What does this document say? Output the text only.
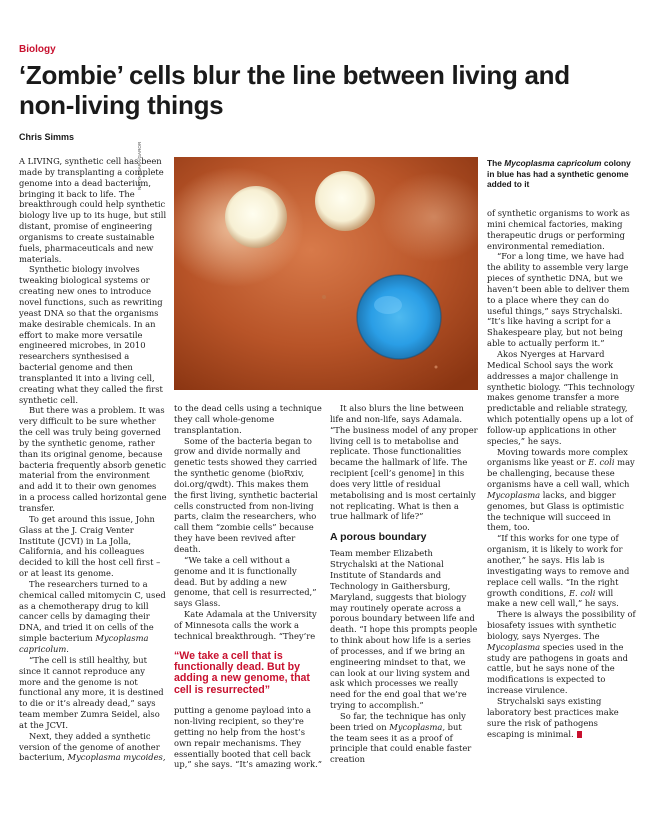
Biology
‘Zombie’ cells blur the line between living and non-living things
Chris Simms
NATYASSARA/GAROR	The Mycoplasma capricolum colony in blue has had a synthetic genome added to it

A LIVING, synthetic cell has been made by transplanting a complete genome into a dead bacterium, bringing it back to life. The breakthrough could help synthetic biology live up to its huge, but still distant, promise of engineering organisms to create sustainable fuels, pharmaceuticals and new materials.

Synthetic biology involves tweaking biological systems or creating new ones to introduce novel functions, such as rewriting yeast DNA so that the organisms make desirable chemicals. In an effort to make more versatile engineered microbes, in 2010 researchers synthesised a bacterial genome and then transplanted it into a living cell, creating what they called the first synthetic cell.

But there was a problem. It was very difficult to be sure whether the cell was truly being governed by the synthetic genome, rather than its original genome, because bacteria frequently absorb genetic material from the environment and add it to their own genomes in a process called horizontal gene transfer.

To get around this issue, John Glass at the J. Craig Venter Institute (JCVI) in La Jolla, California, and his colleagues decided to kill the host cell first – or at least its genome.

The researchers turned to a chemical called mitomycin C, used as a chemotherapy drug to kill cancer cells by damaging their DNA, and tried it on cells of the simple bacterium Mycoplasma capricolum.

“The cell is still healthy, but since it cannot reproduce any more and the genome is not functional any more, it is destined to die or it’s already dead,” says team member Zumra Seidel, also at the JCVI.

Next, they added a synthetic version of the genome of another bacterium, Mycoplasma mycoides,

to the dead cells using a technique they call whole-genome transplantation.

Some of the bacteria began to grow and divide normally and genetic tests showed they carried the synthetic genome (bioRxiv, doi.org/qwdt). This makes them the first living, synthetic bacterial cells constructed from non-living parts, claim the researchers, who call them “zombie cells” because they have been revived after death.

“We take a cell without a genome and it is functionally dead. But by adding a new genome, that cell is resurrected,” says Glass.

Kate Adamala at the University of Minnesota calls the work a technical breakthrough. “They’re

“We take a cell that is functionally dead. But by adding a new genome, that cell is resurrected”

putting a genome payload into a non-living recipient, so they’re getting no help from the host’s own repair mechanisms. They essentially booted that cell back up,” she says. “It’s amazing work.”

It also blurs the line between life and non-life, says Adamala. “The business model of any proper living cell is to metabolise and replicate. Those functionalities became the hallmark of life. The recipient [cell’s genome] in this does very little of residual metabolising and is most certainly not replicating. What is then a true hallmark of life?”

A porous boundary

Team member Elizabeth Strychalski at the National Institute of Standards and Technology in Gaithersburg, Maryland, suggests that biology may routinely operate across a porous boundary between life and death. “I hope this prompts people to think about how life is a series of processes, and if we bring an engineering mindset to that, we can look at our living system and ask which processes we really need for the end goal that we’re trying to accomplish.”

So far, the technique has only been tried on Mycoplasma, but the team sees it as a proof of principle that could enable faster creation

of synthetic organisms to work as mini chemical factories, making therapeutic drugs or performing environmental remediation.

“For a long time, we have had the ability to assemble very large pieces of synthetic DNA, but we haven’t been able to deliver them to a place where they can do useful things,” says Strychalski. “It’s like having a script for a Shakespeare play, but not being able to actually perform it.”

Akos Nyerges at Harvard Medical School says the work addresses a major challenge in synthetic biology. “This technology makes genome transfer a more predictable and reliable strategy, which potentially opens up a lot of follow-up applications in other species,” he says.

Moving towards more complex organisms like yeast or E. coli may be challenging, because these organisms have a cell wall, which Mycoplasma lacks, and bigger genomes, but Glass is optimistic the technique will succeed in them, too.

“If this works for one type of organism, it is likely to work for another,” he says. His lab is investigating ways to remove and replace cell walls. “In the right growth conditions, E. coli will make a new cell wall,” he says.

There is always the possibility of biosafety issues with synthetic biology, says Nyerges. The Mycoplasma species used in the study are pathogens in goats and cattle, but he says none of the modifications is expected to increase virulence.

Strychalski says existing laboratory best practices make sure the risk of pathogens escaping is minimal.
